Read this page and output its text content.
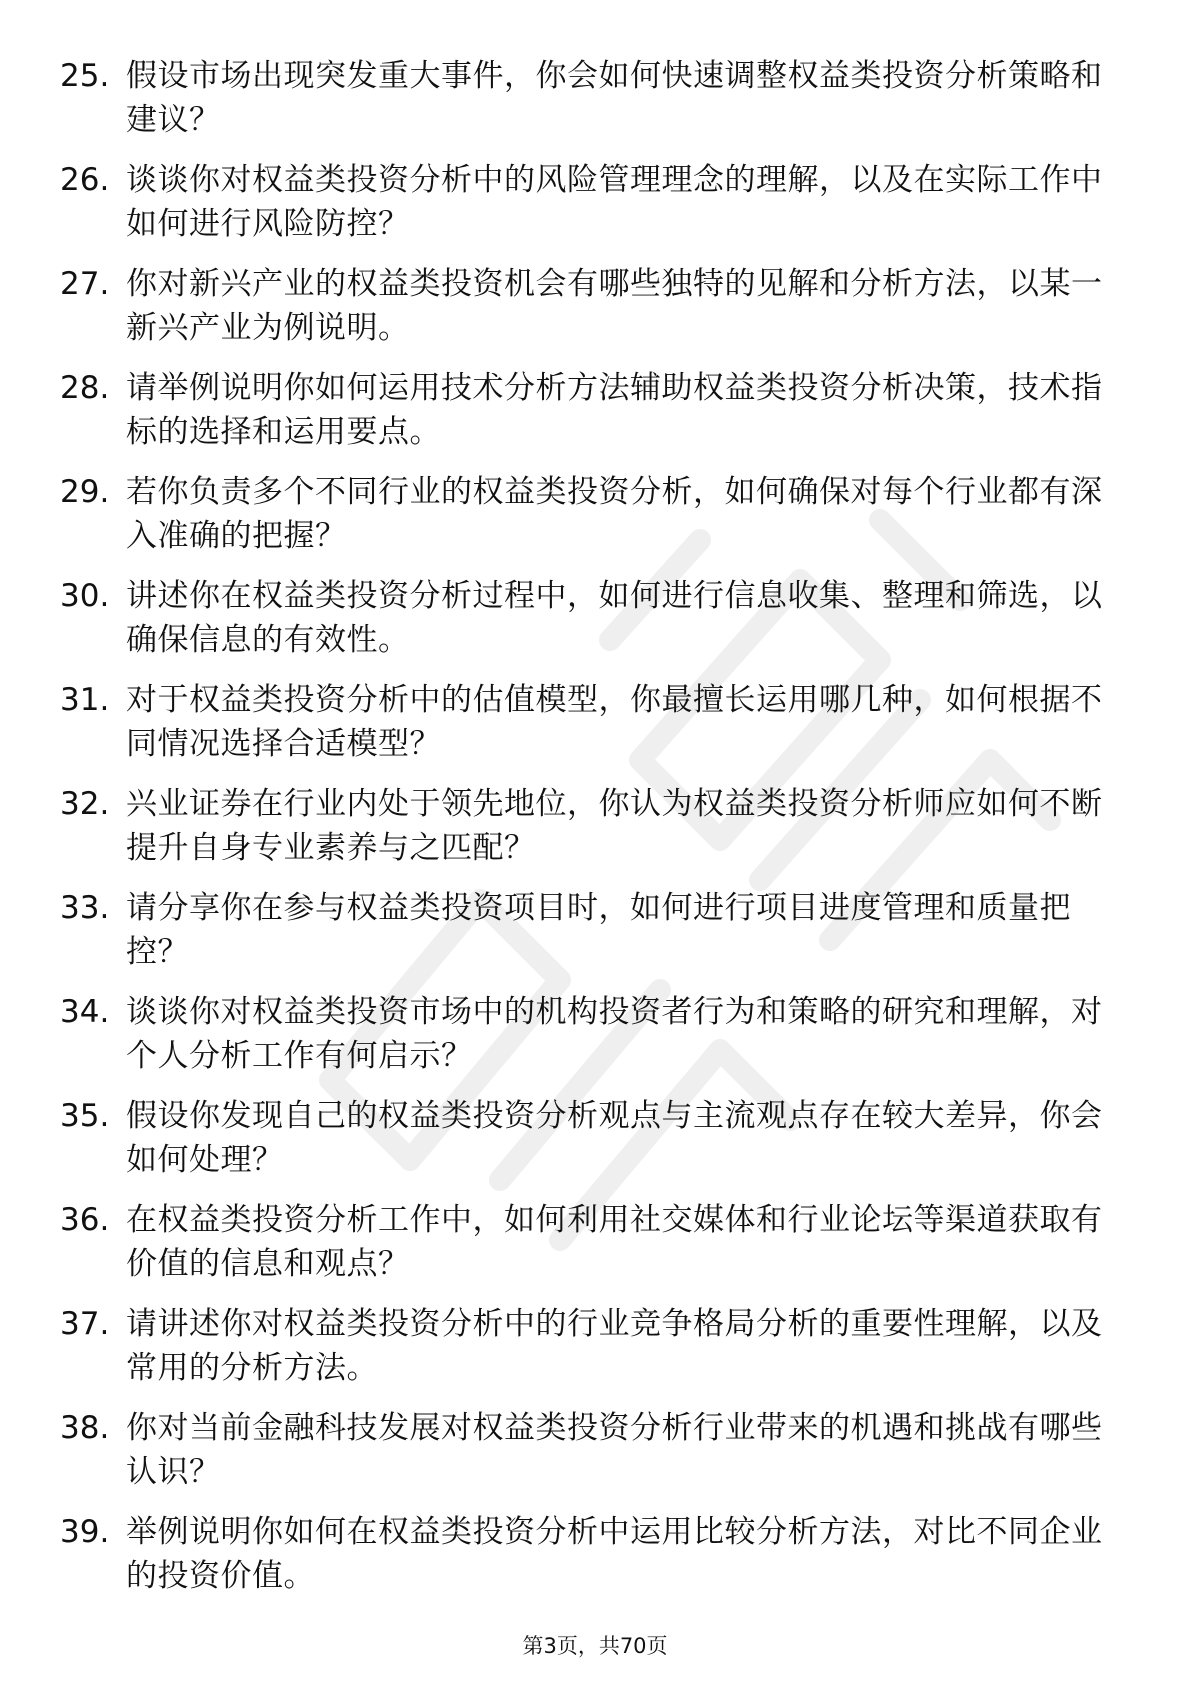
25. 假设市场出现突发重大事件，你会如何快速调整权益类投资分析策略和建议？
26. 谈谈你对权益类投资分析中的风险管理理念的理解，以及在实际工作中如何进行风险防控？
27. 你对新兴产业的权益类投资机会有哪些独特的见解和分析方法，以某一新兴产业为例说明。
28. 请举例说明你如何运用技术分析方法辅助权益类投资分析决策，技术指标的选择和运用要点。
29. 若你负责多个不同行业的权益类投资分析，如何确保对每个行业都有深入准确的把握？
30. 讲述你在权益类投资分析过程中，如何进行信息收集、整理和筛选，以确保信息的有效性。
31. 对于权益类投资分析中的估值模型，你最擅长运用哪几种，如何根据不同情况选择合适模型？
32. 兴业证券在行业内处于领先地位，你认为权益类投资分析师应如何不断提升自身专业素养与之匹配？
33. 请分享你在参与权益类投资项目时，如何进行项目进度管理和质量把控？
34. 谈谈你对权益类投资市场中的机构投资者行为和策略的研究和理解，对个人分析工作有何启示？
35. 假设你发现自己的权益类投资分析观点与主流观点存在较大差异，你会如何处理？
36. 在权益类投资分析工作中，如何利用社交媒体和行业论坛等渠道获取有价值的信息和观点？
37. 请讲述你对权益类投资分析中的行业竞争格局分析的重要性理解，以及常用的分析方法。
38. 你对当前金融科技发展对权益类投资分析行业带来的机遇和挑战有哪些认识？
39. 举例说明你如何在权益类投资分析中运用比较分析方法，对比不同企业的投资价值。
第3页，共70页
